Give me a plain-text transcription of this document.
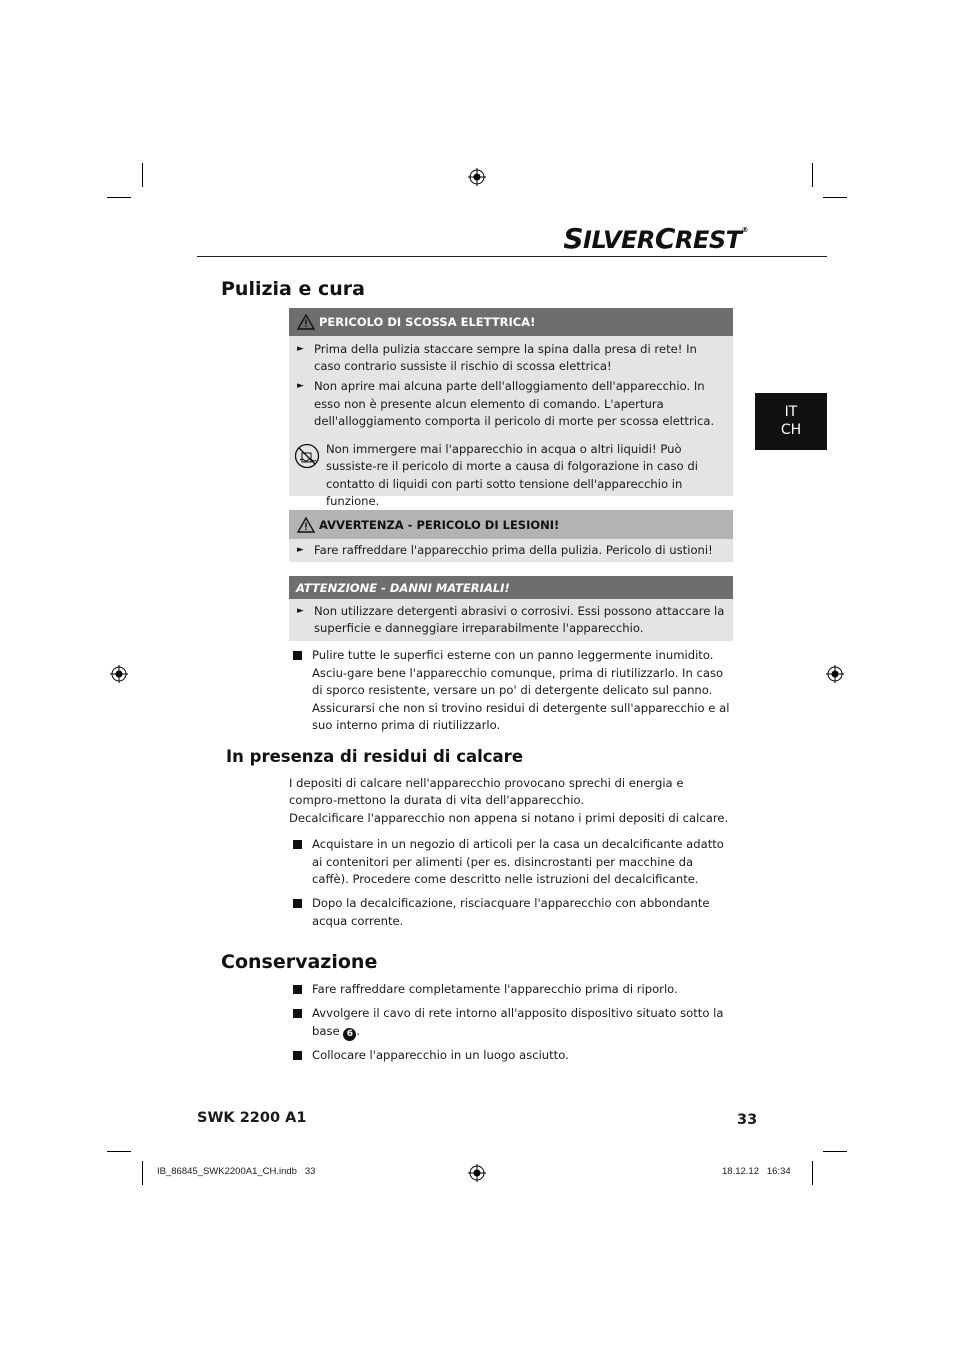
SILVERCREST®
IT
CH
Pulizia e cura
PERICOLO DI SCOSSA ELETTRICA!
► Prima della pulizia staccare sempre la spina dalla presa di rete! In caso contrario sussiste il rischio di scossa elettrica!
► Non aprire mai alcuna parte dell'alloggiamento dell'apparecchio. In esso non è presente alcun elemento di comando. L'apertura dell'alloggiamento comporta il pericolo di morte per scossa elettrica.
Non immergere mai l'apparecchio in acqua o altri liquidi! Può sussiste-re il pericolo di morte a causa di folgorazione in caso di contatto di liquidi con parti sotto tensione dell'apparecchio in funzione.
AVVERTENZA - PERICOLO DI LESIONI!
► Fare raffreddare l'apparecchio prima della pulizia. Pericolo di ustioni!
ATTENZIONE - DANNI MATERIALI!
► Non utilizzare detergenti abrasivi o corrosivi. Essi possono attaccare la superficie e danneggiare irreparabilmente l'apparecchio.
Pulire tutte le superfici esterne con un panno leggermente inumidito. Asciu-gare bene l'apparecchio comunque, prima di riutilizzarlo. In caso di sporco resistente, versare un po' di detergente delicato sul panno. Assicurarsi che non si trovino residui di detergente sull'apparecchio e al suo interno prima di riutilizzarlo.
In presenza di residui di calcare
I depositi di calcare nell'apparecchio provocano sprechi di energia e compro-mettono la durata di vita dell'apparecchio.
Decalcificare l'apparecchio non appena si notano i primi depositi di calcare.
Acquistare in un negozio di articoli per la casa un decalcificante adatto ai contenitori per alimenti (per es. disincrostanti per macchine da caffè). Procedere come descritto nelle istruzioni del decalcificante.
Dopo la decalcificazione, risciacquare l'apparecchio con abbondante acqua corrente.
Conservazione
Fare raffreddare completamente l'apparecchio prima di riporlo.
Avvolgere il cavo di rete intorno all'apposito dispositivo situato sotto la base 6 .
Collocare l'apparecchio in un luogo asciutto.
SWK 2200 A1	33
IB_86845_SWK2200A1_CH.indb   33	18.12.12   16:34
